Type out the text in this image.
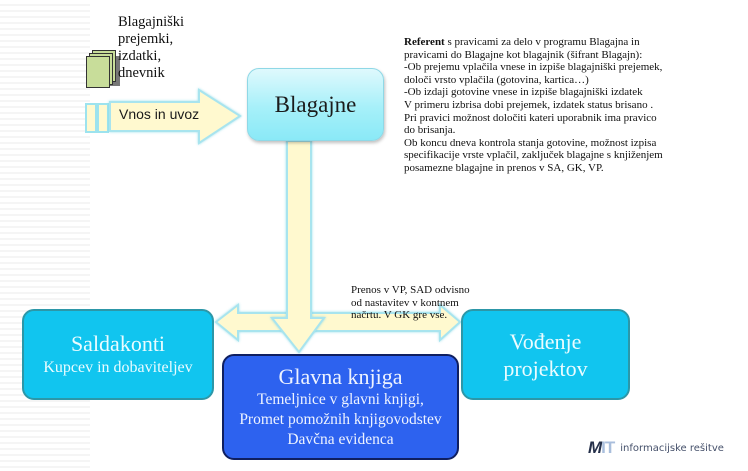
Blagajniški
prejemki,
izdatki,
dnevnik
Vnos in uvoz	Blagajne

Referent s pravicami za delo v programu Blagajna in pravicami do Blagajne kot blagajnik (šifrant Blagajn):

-Ob prejemu vplačila vnese in izpiše blagajniški prejemek, določi vrsto vplačila (gotovina, kartica…)

-Ob izdaji gotovine vnese in izpiše blagajniški izdatek

V primeru izbrisa dobi prejemek, izdatek status brisano . Pri pravici možnost določiti kateri uporabnik ima pravico do brisanja.

Ob koncu dneva kontrola stanja gotovine, možnost izpisa specifikacije vrste vplačil, zaključek blagajne s knjiženjem posamezne blagajne in prenos v SA, GK, VP.

Prenos v VP, SAD odvisno
od nastavitev v kontnem
načrtu. V GK gre vse.
Saldakonti
Kupcev in dobaviteljev
Vođenje
projektov
Glavna knjiga
Temeljnice v glavni knjigi,
Promet pomožnih knjigovodstev
Davčna evidenca	MIT informacijske rešitve
